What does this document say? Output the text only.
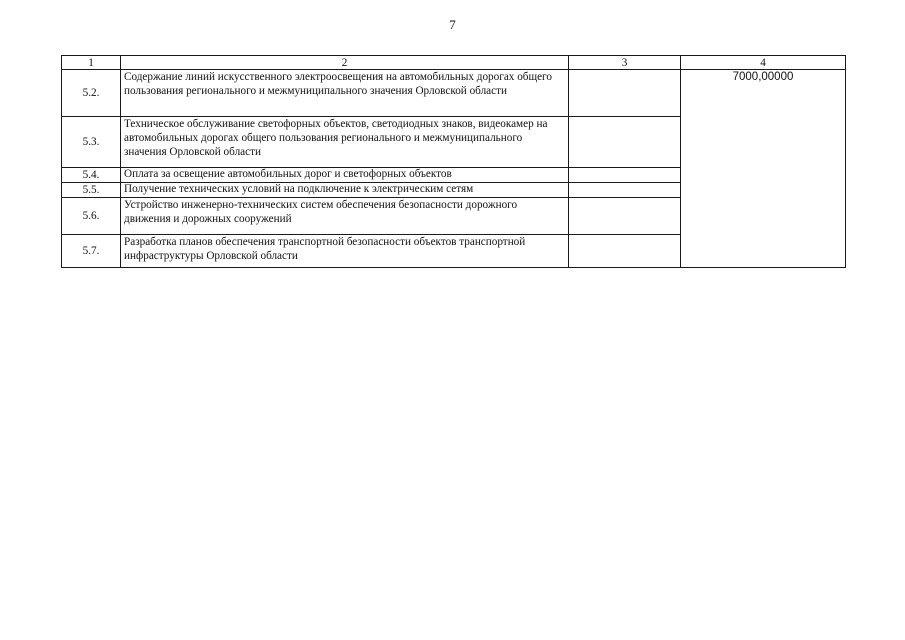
7
1	2	3	4
5.2.	Содержание линий искусственного электроосвещения на автомобильных дорогах общего пользования регионального и межмуниципального значения Орловской области		7000,00000
5.3.	Техническое обслуживание светофорных объектов, светодиодных знаков, видеокамер на автомобильных дорогах общего пользования регионального и межмуниципального значения Орловской области		
5.4.	Оплата за освещение автомобильных дорог и светофорных объектов		
5.5.	Получение технических условий на подключение к электрическим сетям		
5.6.	Устройство инженерно-технических систем обеспечения безопасности дорожного движения и дорожных сооружений		
5.7.	Разработка планов обеспечения транспортной безопасности объектов транспортной инфраструктуры Орловской области		
